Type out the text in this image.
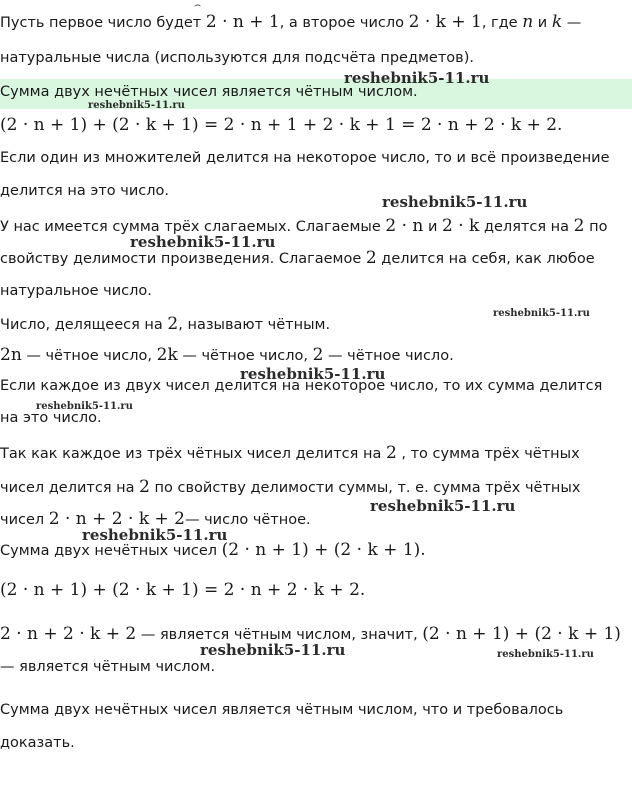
⌢
Пусть первое число будет 2 · n + 1, а второе число 2 · k + 1, где n и k —
натуральные числа (используются для подсчёта предметов).
Сумма двух нечётных чисел является чётным числом.
(2 · n + 1) + (2 · k + 1) = 2 · n + 1 + 2 · k + 1 = 2 · n + 2 · k + 2.
Если один из множителей делится на некоторое число, то и всё произведение
делится на это число.
У нас имеется сумма трёх слагаемых. Слагаемые 2 · n и 2 · k делятся на 2 по
свойству делимости произведения. Слагаемое 2 делится на себя, как любое
натуральное число.
Число, делящееся на 2, называют чётным.
2n — чётное число, 2k — чётное число, 2 — чётное число.
Если каждое из двух чисел делится на некоторое число, то их сумма делится
на это число.
Так как каждое из трёх чётных чисел делится на 2 , то сумма трёх чётных
чисел делится на 2 по свойству делимости суммы, т. е. сумма трёх чётных
чисел 2 · n + 2 · k + 2— число чётное.
Сумма двух нечётных чисел (2 · n + 1) + (2 · k + 1).
(2 · n + 1) + (2 · k + 1) = 2 · n + 2 · k + 2.
2 · n + 2 · k + 2 — является чётным числом, значит, (2 · n + 1) + (2 · k + 1)
— является чётным числом.
Сумма двух нечётных чисел является чётным числом, что и требовалось
доказать.
reshebnik5-11.ru
reshebnik5-11.ru
reshebnik5-11.ru
reshebnik5-11.ru
reshebnik5-11.ru
reshebnik5-11.ru
reshebnik5-11.ru
reshebnik5-11.ru
reshebnik5-11.ru
reshebnik5-11.ru	reshebnik5-11.ru
